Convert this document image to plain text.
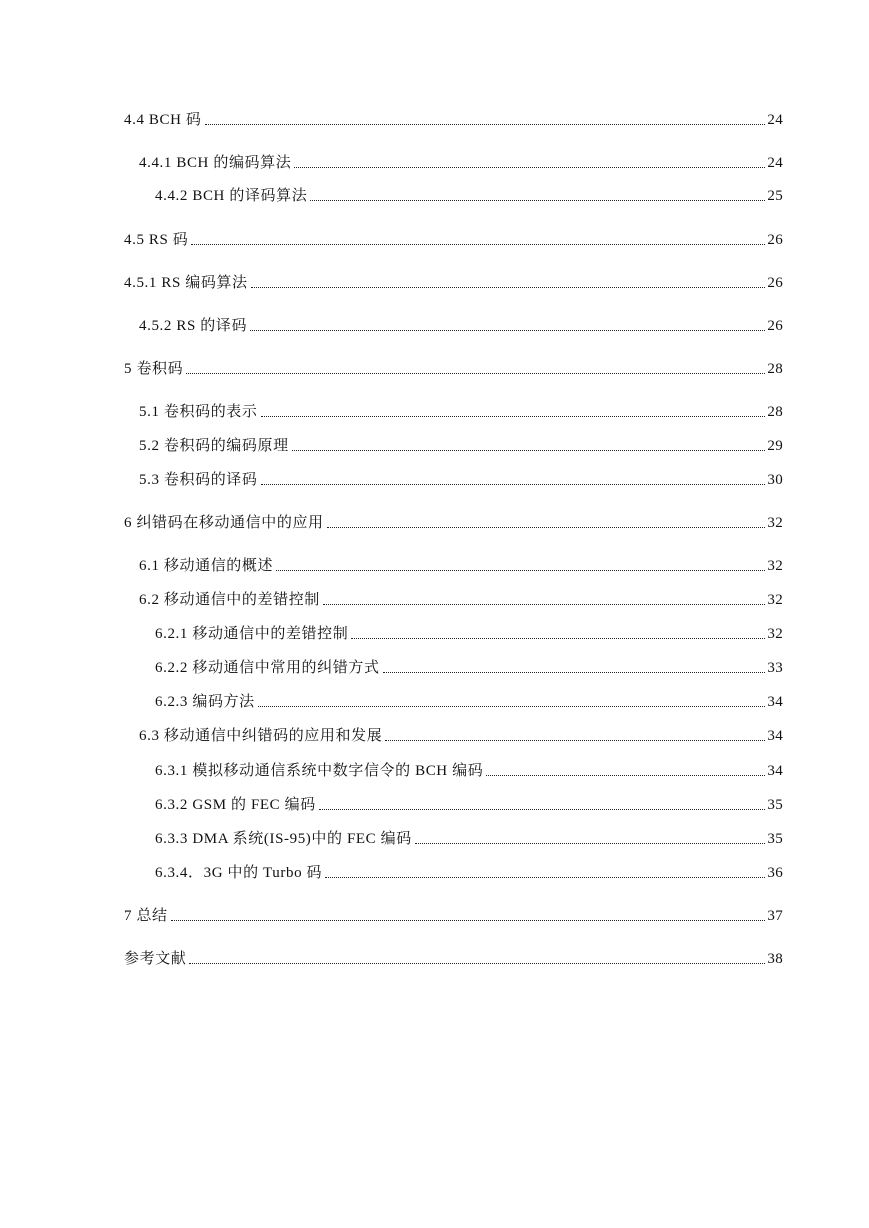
4.4 BCH 码	24
4.4.1 BCH 的编码算法	24
4.4.2 BCH 的译码算法	25
4.5 RS 码	26
4.5.1 RS 编码算法	26
4.5.2 RS 的译码	26
5 卷积码	28
5.1 卷积码的表示	28
5.2 卷积码的编码原理	29
5.3 卷积码的译码	30
6 纠错码在移动通信中的应用	32
6.1 移动通信的概述	32
6.2 移动通信中的差错控制	32
6.2.1 移动通信中的差错控制	32
6.2.2 移动通信中常用的纠错方式	33
6.2.3 编码方法	34
6.3 移动通信中纠错码的应用和发展	34
6.3.1 模拟移动通信系统中数字信令的 BCH 编码	34
6.3.2 GSM 的 FEC 编码	35
6.3.3 DMA 系统(IS-95)中的 FEC 编码	35
6.3.4．3G 中的 Turbo 码	36
7 总结	37
参考文献	38
